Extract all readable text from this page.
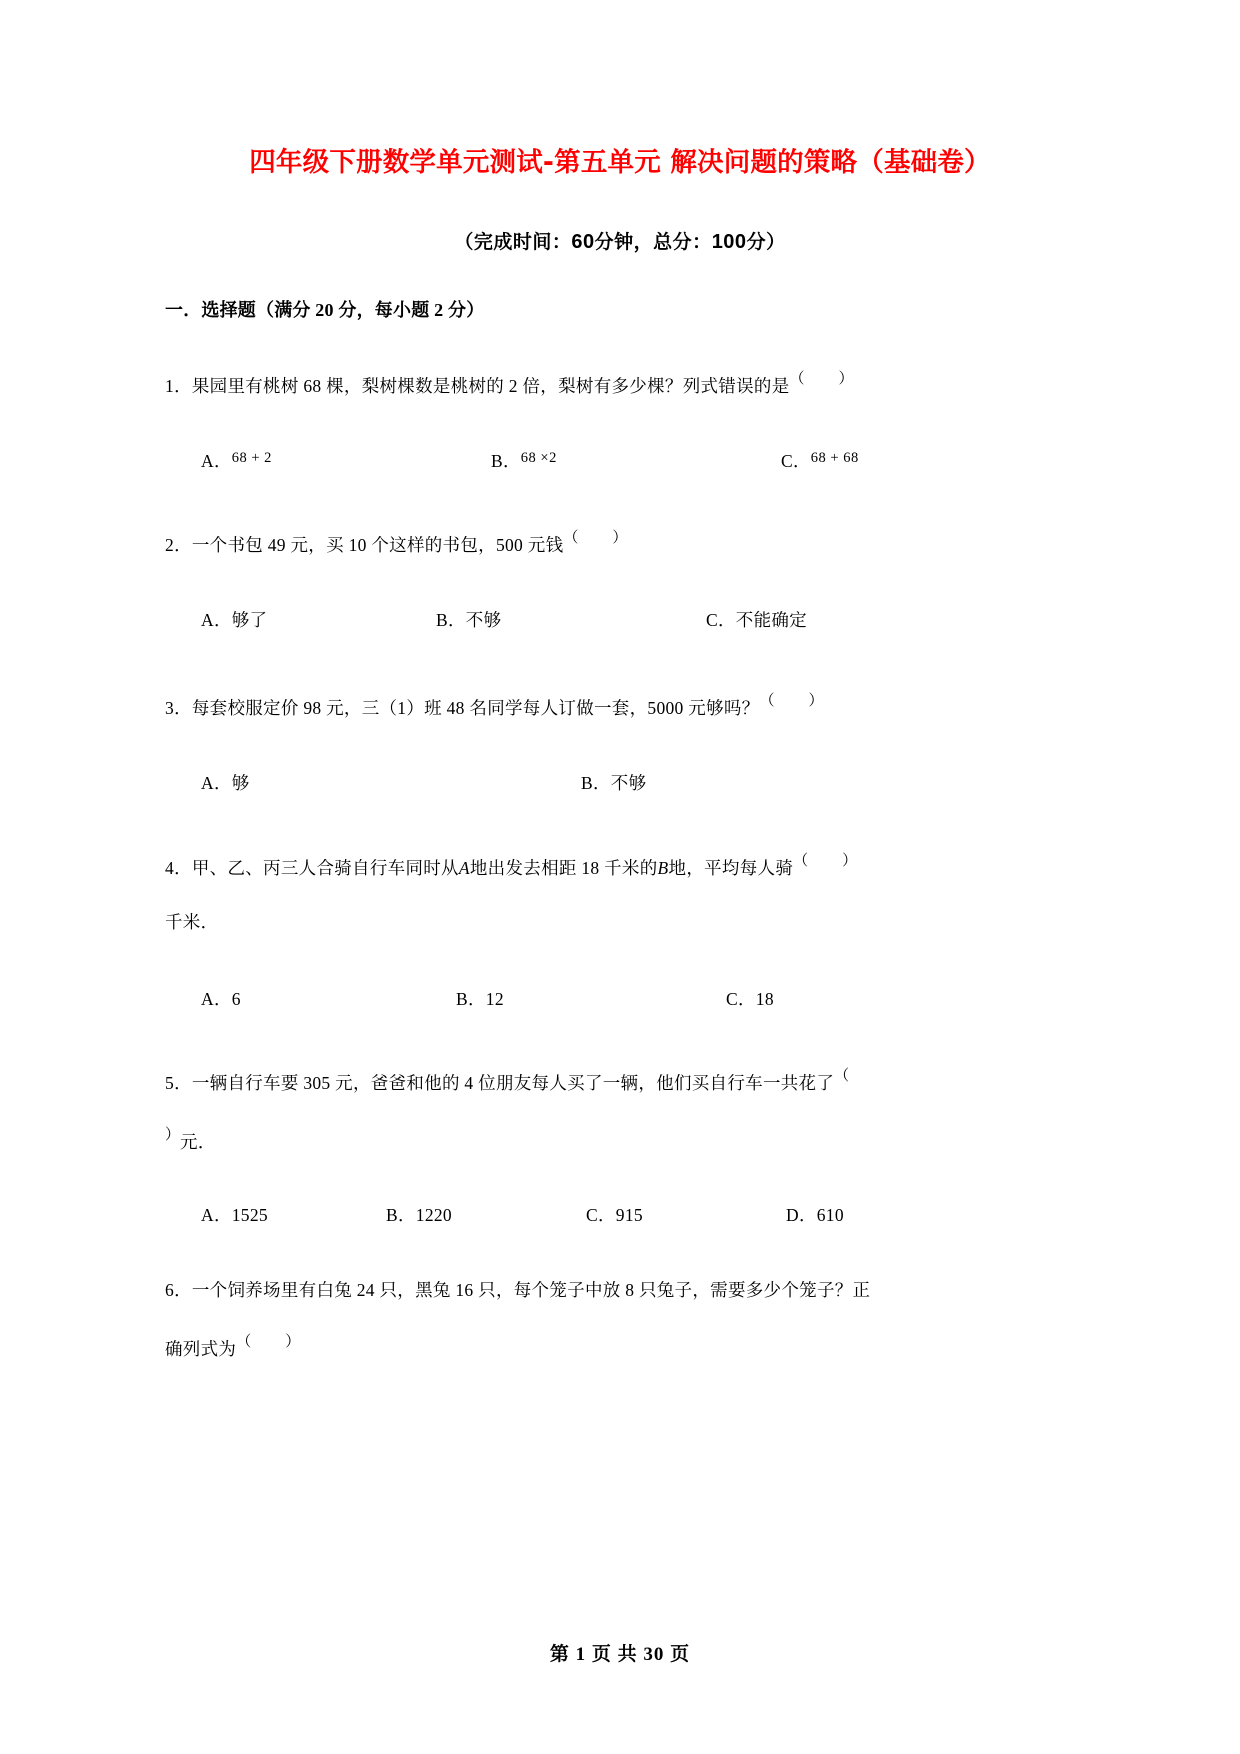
四年级下册数学单元测试-第五单元 解决问题的策略（基础卷）

（完成时间：60分钟，总分：100分）

一．选择题（满分 20 分，每小题 2 分）

1．果园里有桃树 68 棵，梨树棵数是桃树的 2 倍，梨树有多少棵？列式错误的是（ ）

A．$^{68 + 2}$	B．$^{68 \times 2}$	C．$^{68 + 68}$

2．一个书包 49 元，买 10 个这样的书包，500 元钱（ ）

A．够了	B．不够	C．不能确定

3．每套校服定价 98 元，三（1）班 48 名同学每人订做一套，5000 元够吗？（ ）

A．够	B．不够

4．甲、乙、丙三人合骑自行车同时从A地出发去相距 18 千米的B地，平均每人骑（ ）

千米．

A．6	B．12	C．18

5．一辆自行车要 305 元，爸爸和他的 4 位朋友每人买了一辆，他们买自行车一共花了（

）元．

A．1525	B．1220	C．915	D．610

6．一个饲养场里有白兔 24 只，黑兔 16 只，每个笼子中放 8 只兔子，需要多少个笼子？正

确列式为（ ）

第 1 页 共 30 页
